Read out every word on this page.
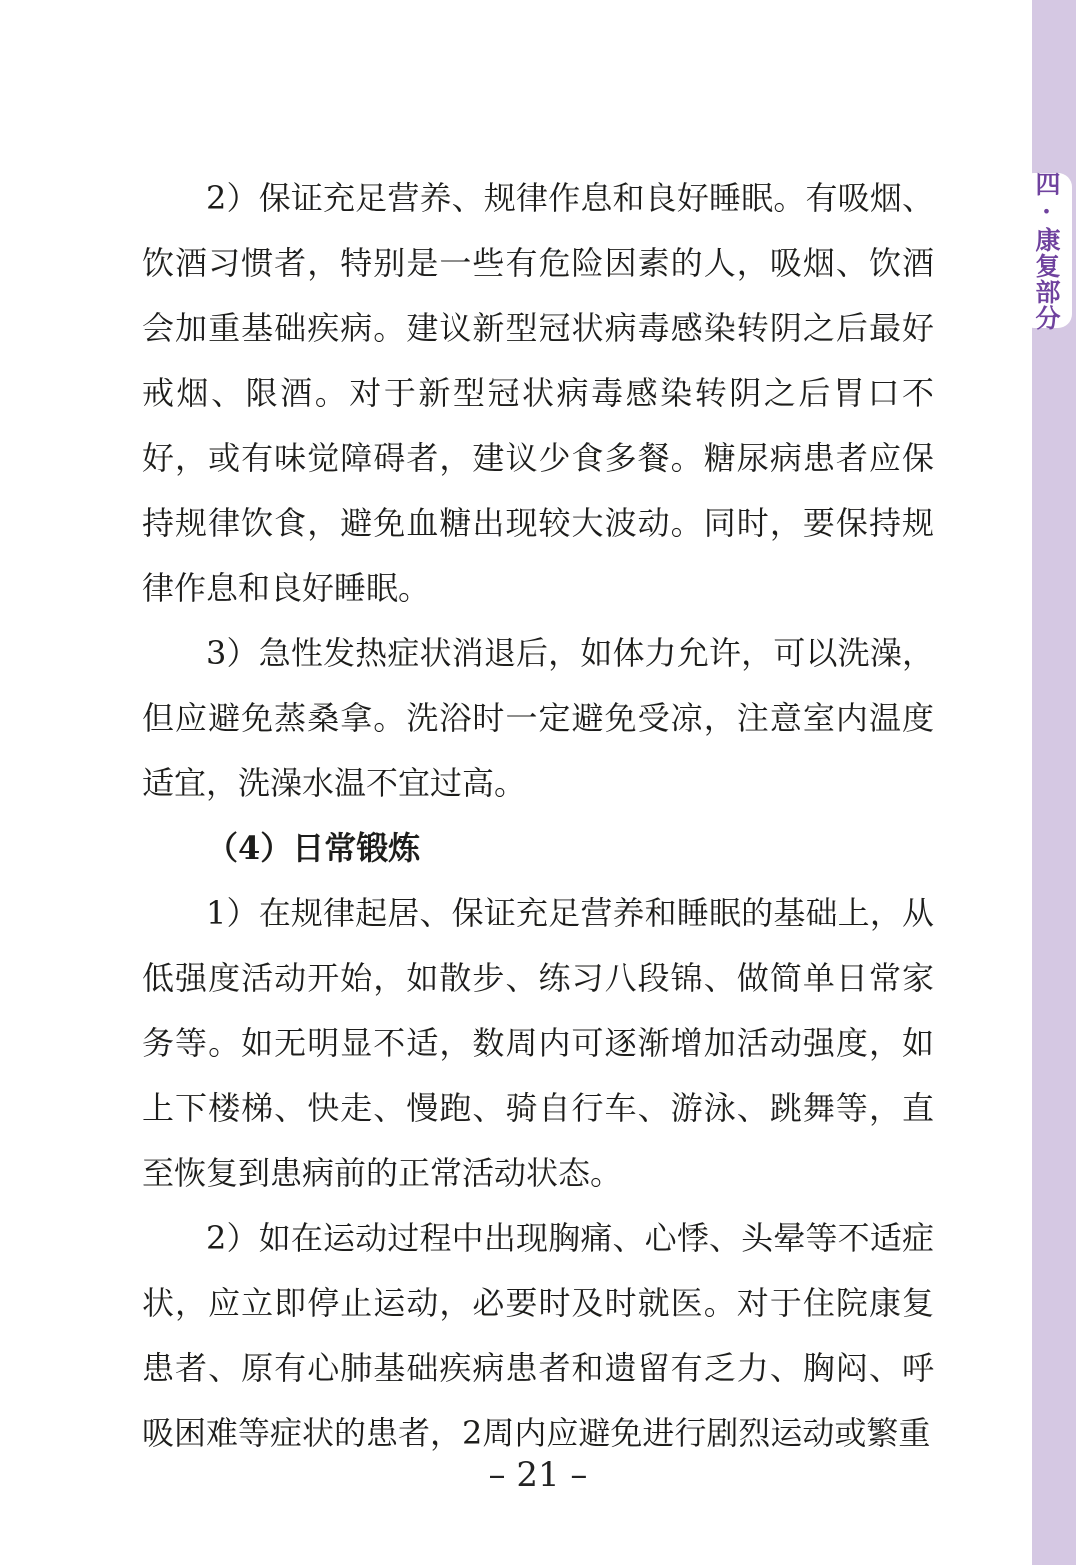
2）保证充足营养、规律作息和良好睡眠。有吸烟、饮酒习惯者，特别是一些有危险因素的人，吸烟、饮酒会加重基础疾病。建议新型冠状病毒感染转阴之后最好戒烟、限酒。对于新型冠状病毒感染转阴之后胃口不好，或有味觉障碍者，建议少食多餐。糖尿病患者应保持规律饮食，避免血糖出现较大波动。同时，要保持规律作息和良好睡眠。

3）急性发热症状消退后，如体力允许，可以洗澡，但应避免蒸桑拿。洗浴时一定避免受凉，注意室内温度适宜，洗澡水温不宜过高。

（4）日常锻炼

1）在规律起居、保证充足营养和睡眠的基础上，从低强度活动开始，如散步、练习八段锦、做简单日常家务等。如无明显不适，数周内可逐渐增加活动强度，如上下楼梯、快走、慢跑、骑自行车、游泳、跳舞等，直至恢复到患病前的正常活动状态。

2）如在运动过程中出现胸痛、心悸、头晕等不适症状，应立即停止运动，必要时及时就医。对于住院康复患者、原有心肺基础疾病患者和遗留有乏力、胸闷、呼吸困难等症状的患者，2周内应避免进行剧烈运动或繁重

四·康复部分
– 21 –
